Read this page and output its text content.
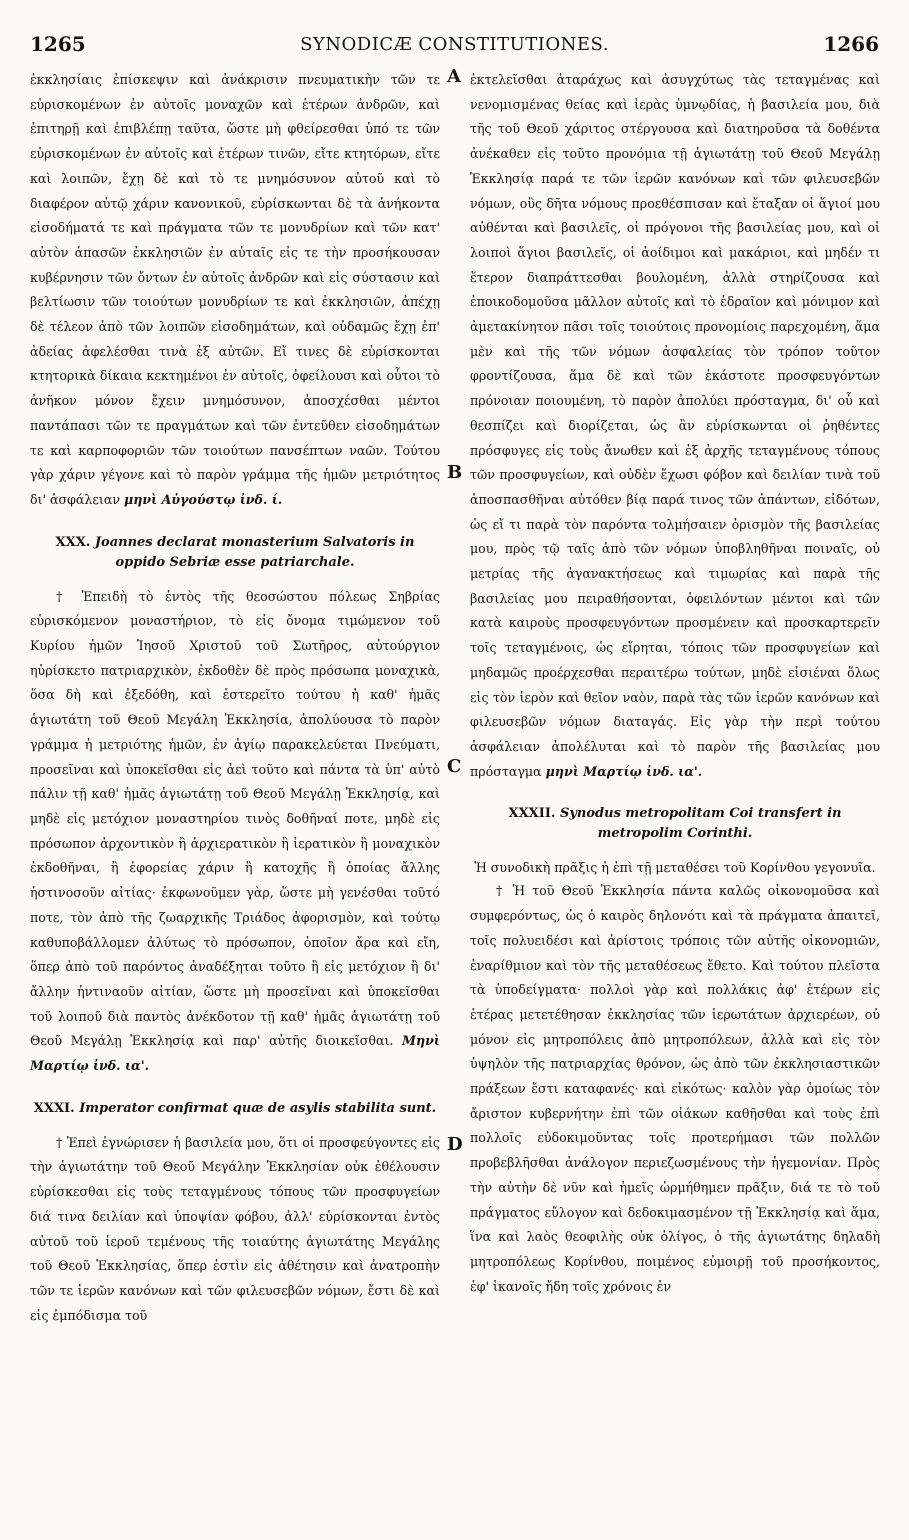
1265	SYNODICÆ CONSTITUTIONES.	1266
A
B
C
D

ἐκκλησίαις ἐπίσκεψιν καὶ ἀνάκρισιν πνευματικὴν τῶν τε εὑρισκομένων ἐν αὐτοῖς μοναχῶν καὶ ἑτέρων ἀνδρῶν, καὶ ἐπιτηρῇ καὶ ἐπιβλέπῃ ταῦτα, ὥστε μὴ φθείρεσθαι ὑπό τε τῶν εὑρισκομένων ἐν αὐτοῖς καὶ ἑτέρων τινῶν, εἴτε κτητόρων, εἴτε καὶ λοιπῶν, ἔχῃ δὲ καὶ τὸ τε μνημόσυνον αὐτοῦ καὶ τὸ διαφέρον αὐτῷ χάριν κανονικοῦ, εὑρίσκωνται δὲ τὰ ἀνήκοντα εἰσοδήματά τε καὶ πράγματα τῶν τε μονυδρίων καὶ τῶν κατ' αὐτὸν ἁπασῶν ἐκκλησιῶν ἐν αὐταῖς εἰς τε τὴν προσήκουσαν κυβέρνησιν τῶν ὄντων ἐν αὐτοῖς ἀνδρῶν καὶ εἰς σύστασιν καὶ βελτίωσιν τῶν τοιούτων μονυδρίων τε καὶ ἐκκλησιῶν, ἀπέχῃ δὲ τέλεον ἀπὸ τῶν λοιπῶν εἰσοδημάτων, καὶ οὐδαμῶς ἔχῃ ἐπ' ἀδείας ἀφελέσθαι τινὰ ἐξ αὐτῶν. Εἴ τινες δὲ εὑρίσκονται κτητορικὰ δίκαια κεκτημένοι ἐν αὐτοῖς, ὀφείλουσι καὶ οὗτοι τὸ ἀνῆκον μόνον ἔχειν μνημόσυνον, ἀποσχέσθαι μέντοι παντάπασι τῶν τε πραγμάτων καὶ τῶν ἐντεῦθεν εἰσοδημάτων τε καὶ καρποφοριῶν τῶν τοιούτων πανσέπτων ναῶν. Τούτου γὰρ χάριν γέγονε καὶ τὸ παρὸν γράμμα τῆς ἡμῶν μετριότητος δι' ἀσφάλειαν μηνὶ Αὐγούστῳ ἰνδ. ί.

XXX. Joannes declarat monasterium Salvatoris in oppido Sebriæ esse patriarchale.

† Ἐπειδὴ τὸ ἐντὸς τῆς θεοσώστου πόλεως Σηβρίας εὑρισκόμενον μοναστήριον, τὸ εἰς ὄνομα τιμώμενον τοῦ Κυρίου ἡμῶν Ἰησοῦ Χριστοῦ τοῦ Σωτῆρος, αὐτούργιον ηὑρίσκετο πατριαρχικὸν, ἐκδοθὲν δὲ πρὸς πρόσωπα μοναχικὰ, ὅσα δὴ καὶ ἐξεδόθη, καὶ ἐστερεῖτο τούτου ἡ καθ' ἡμᾶς ἁγιωτάτη τοῦ Θεοῦ Μεγάλη Ἐκκλησία, ἀπολύουσα τὸ παρὸν γράμμα ἡ μετριότης ἡμῶν, ἐν ἁγίῳ παρακελεύεται Πνεύματι, προσεῖναι καὶ ὑποκεῖσθαι εἰς ἀεὶ τοῦτο καὶ πάντα τὰ ὑπ' αὐτὸ πάλιν τῇ καθ' ἡμᾶς ἁγιωτάτῃ τοῦ Θεοῦ Μεγάλῃ Ἐκκλησίᾳ, καὶ μηδὲ εἰς μετόχιον μοναστηρίου τινὸς δοθῆναί ποτε, μηδὲ εἰς πρόσωπον ἀρχοντικὸν ἢ ἀρχιερατικὸν ἢ ἱερατικὸν ἢ μοναχικὸν ἐκδοθῆναι, ἢ ἐφορείας χάριν ἢ κατοχῆς ἢ ὁποίας ἄλλης ἡστινοσοῦν αἰτίας· ἐκφωνοῦμεν γὰρ, ὥστε μὴ γενέσθαι τοῦτό ποτε, τὸν ἀπὸ τῆς ζωαρχικῆς Τριάδος ἀφορισμὸν, καὶ τούτῳ καθυποβάλλομεν ἀλύτως τὸ πρόσωπον, ὁποῖον ἄρα καὶ εἴη, ὅπερ ἀπὸ τοῦ παρόντος ἀναδέξηται τοῦτο ἢ εἰς μετόχιον ἢ δι' ἄλλην ἡντιναοῦν αἰτίαν, ὥστε μὴ προσεῖναι καὶ ὑποκεῖσθαι τοῦ λοιποῦ διὰ παντὸς ἀνέκδοτον τῇ καθ' ἡμᾶς ἁγιωτάτῃ τοῦ Θεοῦ Μεγάλῃ Ἐκκλησίᾳ καὶ παρ' αὐτῆς διοικεῖσθαι. Μηνὶ Μαρτίῳ ἰνδ. ια'.

XXXI. Imperator confirmat quæ de asylis stabilita sunt.

† Ἐπεὶ ἐγνώρισεν ἡ βασιλεία μου, ὅτι οἱ προσφεύγοντες εἰς τὴν ἁγιωτάτην τοῦ Θεοῦ Μεγάλην Ἐκκλησίαν οὐκ ἐθέλουσιν εὑρίσκεσθαι εἰς τοὺς τεταγμένους τόπους τῶν προσφυγείων διά τινα δειλίαν καὶ ὑποψίαν φόβου, ἀλλ' εὑρίσκονται ἐντὸς αὐτοῦ τοῦ ἱεροῦ τεμένους τῆς τοιαύτης ἁγιωτάτης Μεγάλης τοῦ Θεοῦ Ἐκκλησίας, ὅπερ ἐστὶν εἰς ἀθέτησιν καὶ ἀνατροπὴν τῶν τε ἱερῶν κανόνων καὶ τῶν φιλευσεβῶν νόμων, ἔστι δὲ καὶ εἰς ἐμπόδισμα τοῦ

ἐκτελεῖσθαι ἀταράχως καὶ ἀσυγχύτως τὰς τεταγμένας καὶ νενομισμένας θείας καὶ ἱερὰς ὑμνῳδίας, ἡ βασιλεία μου, διὰ τῆς τοῦ Θεοῦ χάριτος στέργουσα καὶ διατηροῦσα τὰ δοθέντα ἀνέκαθεν εἰς τοῦτο προνόμια τῇ ἁγιωτάτῃ τοῦ Θεοῦ Μεγάλῃ Ἐκκλησίᾳ παρά τε τῶν ἱερῶν κανόνων καὶ τῶν φιλευσεβῶν νόμων, οὓς δῆτα νόμους προεθέσπισαν καὶ ἔταξαν οἱ ἅγιοί μου αὐθένται καὶ βασιλεῖς, οἱ πρόγονοι τῆς βασιλείας μου, καὶ οἱ λοιποὶ ἅγιοι βασιλεῖς, οἱ ἀοίδιμοι καὶ μακάριοι, καὶ μηδέν τι ἕτερον διαπράττεσθαι βουλομένη, ἀλλὰ στηρίζουσα καὶ ἐποικοδομοῦσα μᾶλλον αὐτοῖς καὶ τὸ ἑδραῖον καὶ μόνιμον καὶ ἀμετακίνητον πᾶσι τοῖς τοιούτοις προνομίοις παρεχομένη, ἅμα μὲν καὶ τῆς τῶν νόμων ἀσφαλείας τὸν τρόπον τοῦτον φροντίζουσα, ἅμα δὲ καὶ τῶν ἑκάστοτε προσφευγόντων πρόνοιαν ποιουμένη, τὸ παρὸν ἀπολύει πρόσταγμα, δι' οὗ καὶ θεσπίζει καὶ διορίζεται, ὡς ἂν εὑρίσκωνται οἱ ῥηθέντες πρόσφυγες εἰς τοὺς ἄνωθεν καὶ ἐξ ἀρχῆς τεταγμένους τόπους τῶν προσφυγείων, καὶ οὐδὲν ἔχωσι φόβον καὶ δειλίαν τινὰ τοῦ ἀποσπασθῆναι αὐτόθεν βίᾳ παρά τινος τῶν ἁπάντων, εἰδότων, ὡς εἴ τι παρὰ τὸν παρόντα τολμήσαιεν ὁρισμὸν τῆς βασιλείας μου, πρὸς τῷ ταῖς ἀπὸ τῶν νόμων ὑποβληθῆναι ποιναῖς, οὐ μετρίας τῆς ἀγανακτήσεως καὶ τιμωρίας καὶ παρὰ τῆς βασιλείας μου πειραθήσονται, ὀφειλόντων μέντοι καὶ τῶν κατὰ καιροὺς προσφευγόντων προσμένειν καὶ προσκαρτερεῖν τοῖς τεταγμένοις, ὡς εἴρηται, τόποις τῶν προσφυγείων καὶ μηδαμῶς προέρχεσθαι περαιτέρω τούτων, μηδὲ εἰσιέναι ὅλως εἰς τὸν ἱερὸν καὶ θεῖον ναὸν, παρὰ τὰς τῶν ἱερῶν κανόνων καὶ φιλευσεβῶν νόμων διαταγάς. Εἰς γὰρ τὴν περὶ τούτου ἀσφάλειαν ἀπολέλυται καὶ τὸ παρὸν τῆς βασιλείας μου πρόσταγμα μηνὶ Μαρτίῳ ἰνδ. ια'.

XXXII. Synodus metropolitam Coi transfert in metropolim Corinthi.

Ἡ συνοδικὴ πρᾶξις ἡ ἐπὶ τῇ μεταθέσει τοῦ Κορίνθου γεγονυῖα.

† Ἡ τοῦ Θεοῦ Ἐκκλησία πάντα καλῶς οἰκονομοῦσα καὶ συμφερόντως, ὡς ὁ καιρὸς δηλονότι καὶ τὰ πράγματα ἀπαιτεῖ, τοῖς πολυειδέσι καὶ ἀρίστοις τρόποις τῶν αὐτῆς οἰκονομιῶν, ἐναρίθμιον καὶ τὸν τῆς μεταθέσεως ἔθετο. Καὶ τούτου πλεῖστα τὰ ὑποδείγματα· πολλοὶ γὰρ καὶ πολλάκις ἀφ' ἑτέρων εἰς ἑτέρας μετετέθησαν ἐκκλησίας τῶν ἱερωτάτων ἀρχιερέων, οὐ μόνον εἰς μητροπόλεις ἀπὸ μητροπόλεων, ἀλλὰ καὶ εἰς τὸν ὑψηλὸν τῆς πατριαρχίας θρόνον, ὡς ἀπὸ τῶν ἐκκλησιαστικῶν πράξεων ἔστι καταφανές· καὶ εἰκότως· καλὸν γὰρ ὁμοίως τὸν ἄριστον κυβερνήτην ἐπὶ τῶν οἰάκων καθῆσθαι καὶ τοὺς ἐπὶ πολλοῖς εὐδοκιμοῦντας τοῖς προτερήμασι τῶν πολλῶν προβεβλῆσθαι ἀνάλογον περιεζωσμένους τὴν ἡγεμονίαν. Πρὸς τὴν αὐτὴν δὲ νῦν καὶ ἡμεῖς ὡρμήθημεν πρᾶξιν, διά τε τὸ τοῦ πράγματος εὔλογον καὶ δεδοκιμασμένον τῇ Ἐκκλησίᾳ καὶ ἅμα, ἵνα καὶ λαὸς θεοφιλὴς οὐκ ὀλίγος, ὁ τῆς ἁγιωτάτης δηλαδὴ μητροπόλεως Κορίνθου, ποιμένος εὐμοιρῇ τοῦ προσήκοντος, ἐφ' ἱκανοῖς ἤδη τοῖς χρόνοις ἐν
